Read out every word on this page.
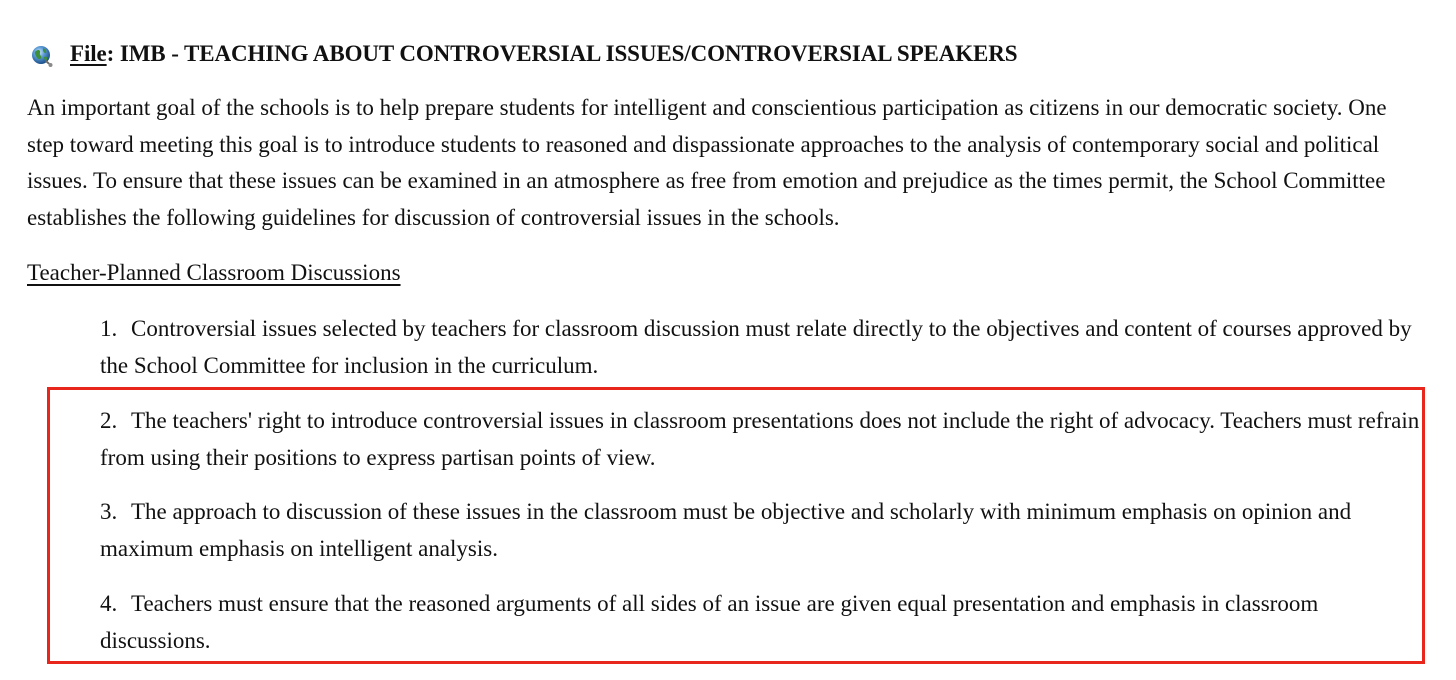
File: IMB - TEACHING ABOUT CONTROVERSIAL ISSUES/CONTROVERSIAL SPEAKERS

An important goal of the schools is to help prepare students for intelligent and conscientious participation as citizens in our democratic society. One step toward meeting this goal is to introduce students to reasoned and dispassionate approaches to the analysis of contemporary social and political issues. To ensure that these issues can be examined in an atmosphere as free from emotion and prejudice as the times permit, the School Committee establishes the following guidelines for discussion of controversial issues in the schools.

Teacher-Planned Classroom Discussions

1. Controversial issues selected by teachers for classroom discussion must relate directly to the objectives and content of courses approved by the School Committee for inclusion in the curriculum.

2. The teachers' right to introduce controversial issues in classroom presentations does not include the right of advocacy. Teachers must refrain from using their positions to express partisan points of view.

3. The approach to discussion of these issues in the classroom must be objective and scholarly with minimum emphasis on opinion and maximum emphasis on intelligent analysis.

4. Teachers must ensure that the reasoned arguments of all sides of an issue are given equal presentation and emphasis in classroom discussions.
